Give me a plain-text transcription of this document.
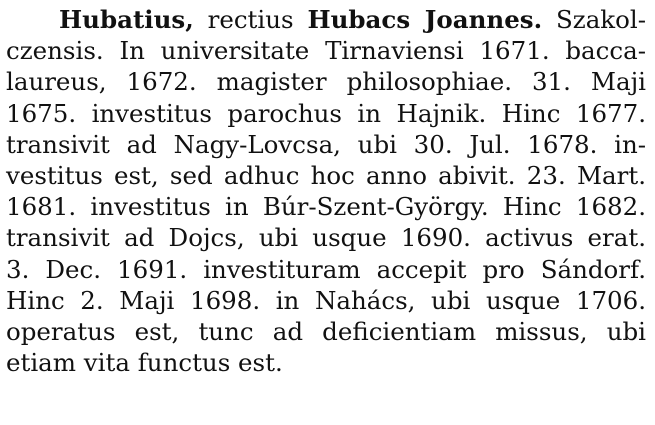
Hubatius, rectius Hubacs Joannes. Szakol-
czensis. In universitate Tirnaviensi 1671. bacca-
laureus, 1672. magister philosophiae. 31. Maji
1675. investitus parochus in Hajnik. Hinc 1677.
transivit ad Nagy-Lovcsa, ubi 30. Jul. 1678. in-
vestitus est, sed adhuc hoc anno abivit. 23. Mart.
1681. investitus in Búr-Szent-György. Hinc 1682.
transivit ad Dojcs, ubi usque 1690. activus erat.
3. Dec. 1691. investituram accepit pro Sándorf.
Hinc 2. Maji 1698. in Nahács, ubi usque 1706.
operatus est, tunc ad deficientiam missus, ubi
etiam vita functus est.
